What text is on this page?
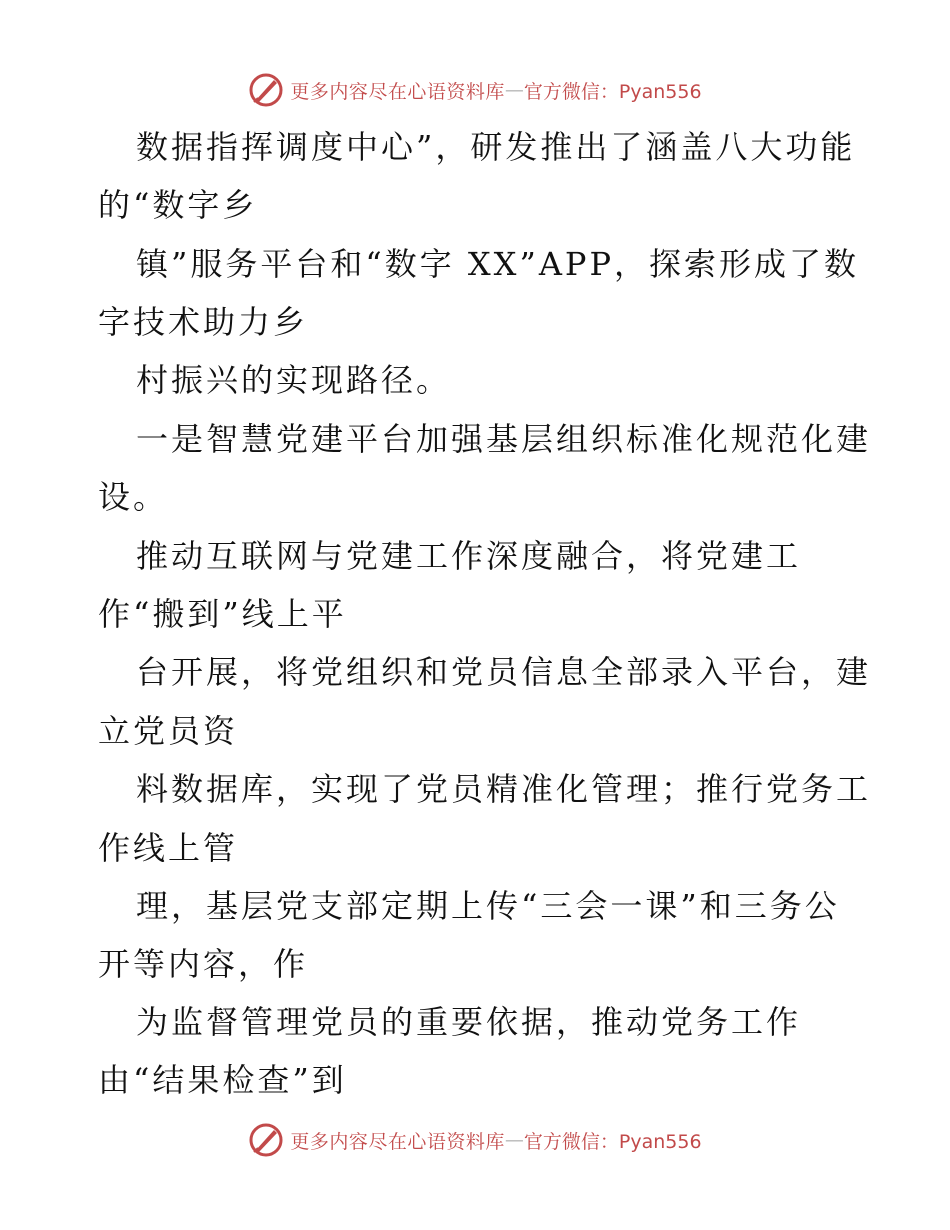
更多内容尽在心语资料库 — 官方微信：Pyan556
数据指挥调度中心”，研发推出了涵盖八大功能
的“数字乡
镇”服务平台和“数字 XX”APP，探索形成了数
字技术助力乡
村振兴的实现路径。
一是智慧党建平台加强基层组织标准化规范化建
设。
推动互联网与党建工作深度融合，将党建工
作“搬到”线上平
台开展，将党组织和党员信息全部录入平台，建
立党员资
料数据库，实现了党员精准化管理；推行党务工
作线上管
理，基层党支部定期上传“三会一课”和三务公
开等内容，作
为监督管理党员的重要依据，推动党务工作
由“结果检查”到
更多内容尽在心语资料库 — 官方微信：Pyan556
